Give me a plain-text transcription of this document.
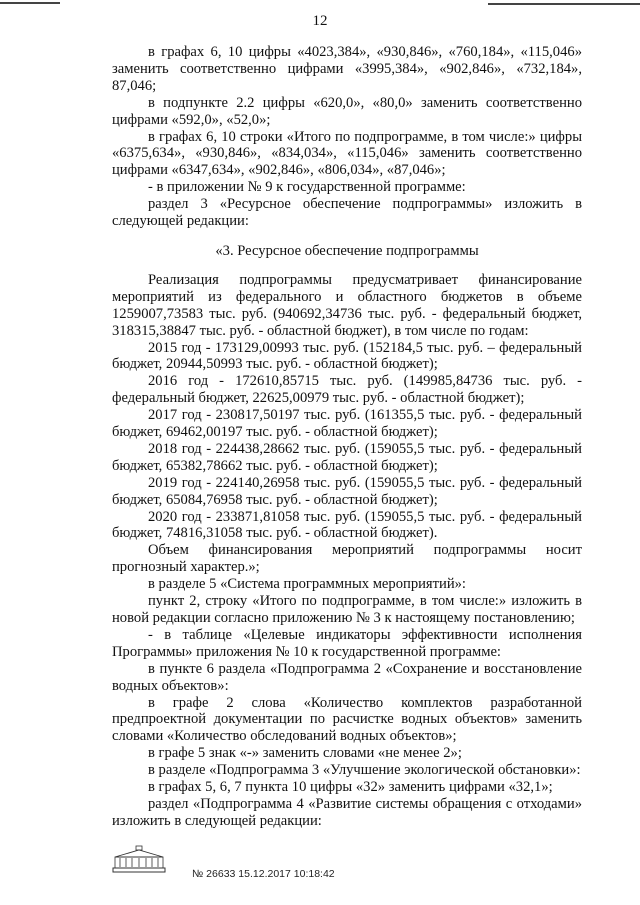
12

в графах 6, 10 цифры «4023,384», «930,846», «760,184», «115,046» заменить соответственно цифрами «3995,384», «902,846», «732,184», 87,046;

в подпункте 2.2 цифры «620,0», «80,0» заменить соответственно цифрами «592,0», «52,0»;

в графах 6, 10 строки «Итого по подпрограмме, в том числе:» цифры «6375,634», «930,846», «834,034», «115,046» заменить соответственно цифрами «6347,634», «902,846», «806,034», «87,046»;

- в приложении № 9 к государственной программе:

раздел 3 «Ресурсное обеспечение подпрограммы» изложить в следующей редакции:

«3. Ресурсное обеспечение подпрограммы

Реализация подпрограммы предусматривает финансирование мероприятий из федерального и областного бюджетов в объеме 1259007,73583 тыс. руб. (940692,34736 тыс. руб. - федеральный бюджет, 318315,38847 тыс. руб. - областной бюджет), в том числе по годам:

2015 год - 173129,00993 тыс. руб. (152184,5 тыс. руб. – федеральный бюджет, 20944,50993 тыс. руб. - областной бюджет);

2016 год - 172610,85715 тыс. руб. (149985,84736 тыс. руб. - федеральный бюджет, 22625,00979 тыс. руб. - областной бюджет);

2017 год - 230817,50197 тыс. руб. (161355,5 тыс. руб. - федеральный бюджет, 69462,00197 тыс. руб. - областной бюджет);

2018 год - 224438,28662 тыс. руб. (159055,5 тыс. руб. - федеральный бюджет, 65382,78662 тыс. руб. - областной бюджет);

2019 год - 224140,26958 тыс. руб. (159055,5 тыс. руб. - федеральный бюджет, 65084,76958 тыс. руб. - областной бюджет);

2020 год - 233871,81058 тыс. руб. (159055,5 тыс. руб. - федеральный бюджет, 74816,31058 тыс. руб. - областной бюджет).

Объем финансирования мероприятий подпрограммы носит прогнозный характер.»;

в разделе 5 «Система программных мероприятий»:

пункт 2, строку «Итого по подпрограмме, в том числе:» изложить в новой редакции согласно приложению № 3 к настоящему постановлению;

- в таблице «Целевые индикаторы эффективности исполнения Программы» приложения № 10 к государственной программе:

в пункте 6 раздела «Подпрограмма 2 «Сохранение и восстановление водных объектов»:

в графе 2 слова «Количество комплектов разработанной предпроектной документации по расчистке водных объектов» заменить словами «Количество обследований водных объектов»;

в графе 5 знак «-» заменить словами «не менее 2»;

в разделе «Подпрограмма 3 «Улучшение экологической обстановки»:

в графах 5, 6, 7 пункта 10 цифры «32» заменить цифрами «32,1»;

раздел «Подпрограмма 4 «Развитие системы обращения с отходами» изложить в следующей редакции:

№ 26633 15.12.2017 10:18:42
